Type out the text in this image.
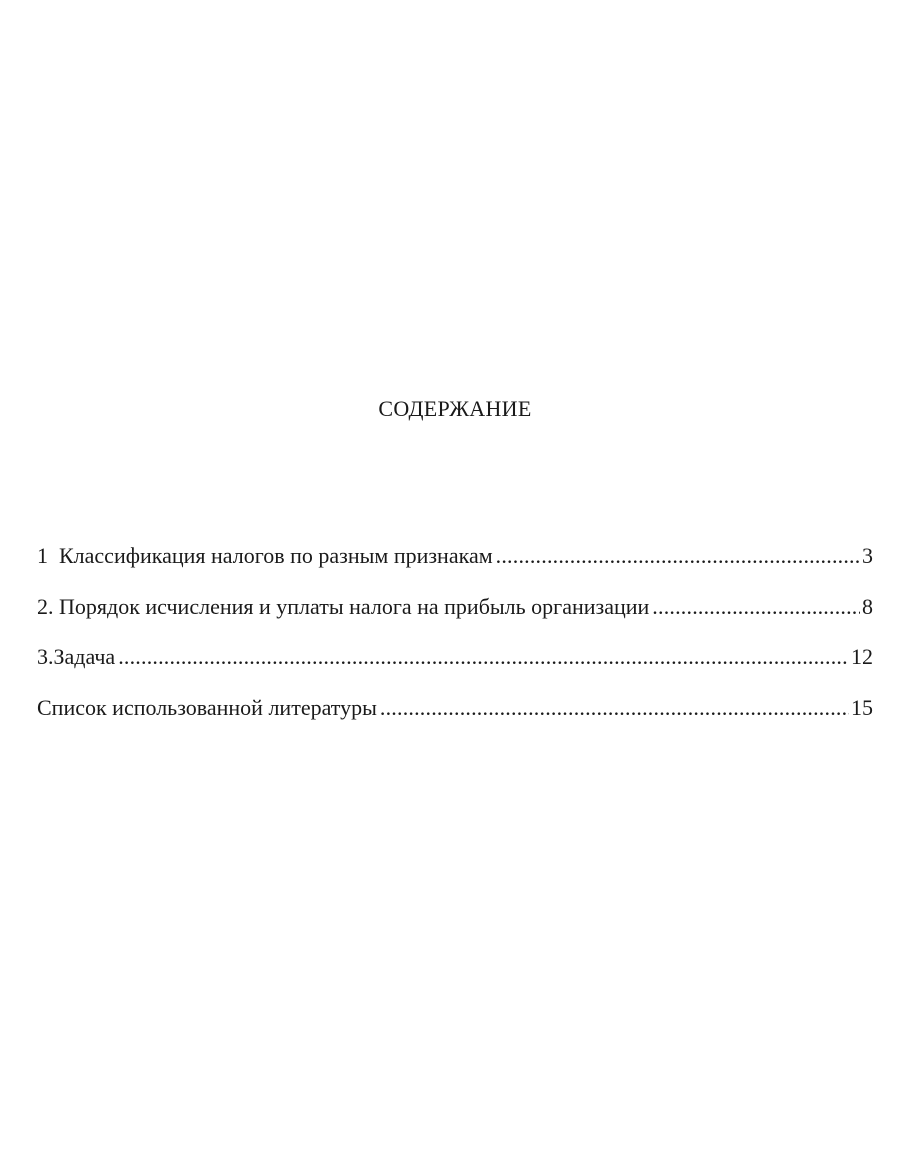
СОДЕРЖАНИЕ
1  Классификация налогов по разным признакам .....	3
2. Порядок исчисления и уплаты налога на прибыль организации .....	8
3.Задача .....	12
Список использованной литературы .....	15
